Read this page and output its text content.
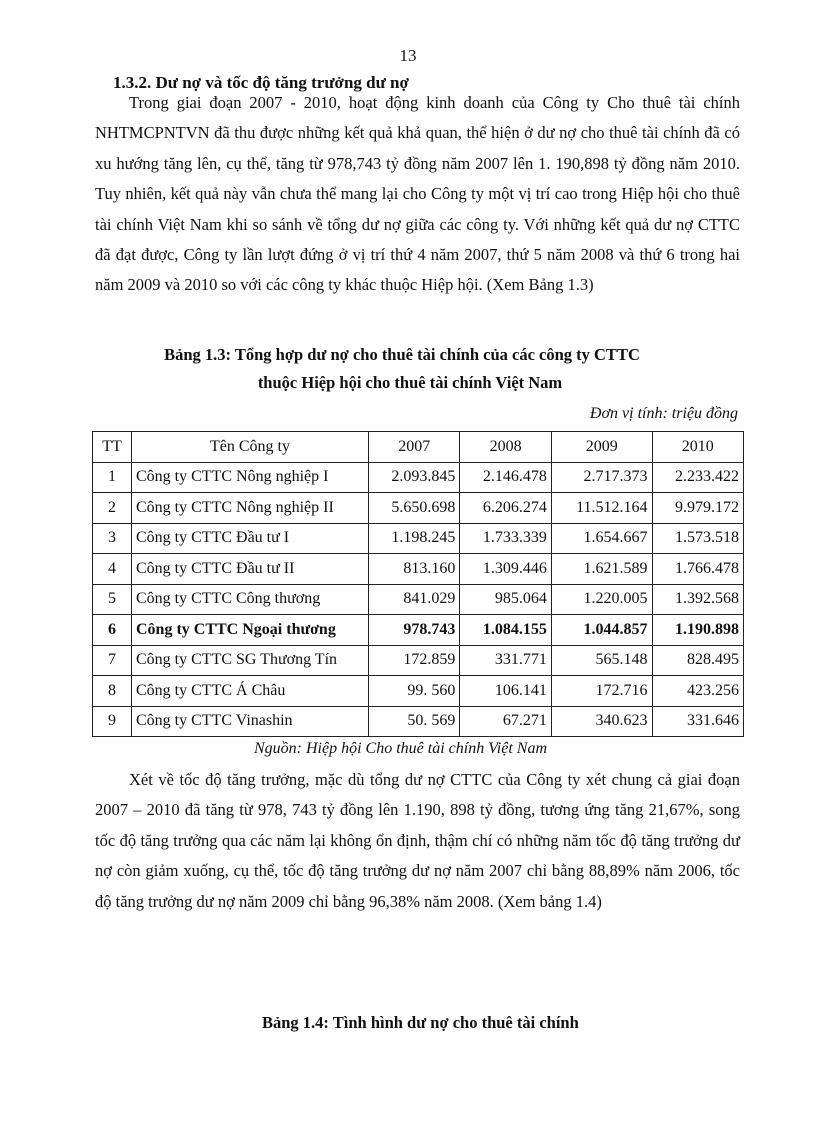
13
1.3.2. Dư nợ và tốc độ tăng trưởng dư nợ

Trong giai đoạn 2007 - 2010, hoạt động kinh doanh của Công ty Cho thuê tài chính NHTMCPNTVN đã thu được những kết quả khả quan, thể hiện ở dư nợ cho thuê tài chính đã có xu hướng tăng lên, cụ thể, tăng từ 978,743 tỷ đồng năm 2007 lên 1. 190,898 tỷ đồng năm 2010. Tuy nhiên, kết quả này vẫn chưa thể mang lại cho Công ty một vị trí cao trong Hiệp hội cho thuê tài chính Việt Nam khi so sánh về tổng dư nợ giữa các công ty. Với những kết quả dư nợ CTTC đã đạt được, Công ty lần lượt đứng ở vị trí thứ 4 năm 2007, thứ 5 năm 2008 và thứ 6 trong hai năm 2009 và 2010 so với các công ty khác thuộc Hiệp hội. (Xem Bảng 1.3)

Bảng 1.3: Tổng hợp dư nợ cho thuê tài chính của các công ty CTTC
thuộc Hiệp hội cho thuê tài chính Việt Nam
Đơn vị tính: triệu đồng
TT	Tên Công ty	2007	2008	2009	2010
1	Công ty CTTC Nông nghiệp I	2.093.845	2.146.478	2.717.373	2.233.422
2	Công ty CTTC Nông nghiệp II	5.650.698	6.206.274	11.512.164	9.979.172
3	Công ty CTTC Đầu tư I	1.198.245	1.733.339	1.654.667	1.573.518
4	Công ty CTTC Đầu tư II	813.160	1.309.446	1.621.589	1.766.478
5	Công ty CTTC Công thương	841.029	985.064	1.220.005	1.392.568
6	Công ty CTTC Ngoại thương	978.743	1.084.155	1.044.857	1.190.898
7	Công ty CTTC SG Thương Tín	172.859	331.771	565.148	828.495
8	Công ty CTTC Á Châu	99. 560	106.141	172.716	423.256
9	Công ty CTTC Vinashin	50. 569	67.271	340.623	331.646
Nguồn: Hiệp hội Cho thuê tài chính Việt Nam

Xét về tốc độ tăng trưởng, mặc dù tổng dư nợ CTTC của Công ty xét chung cả giai đoạn 2007 – 2010 đã tăng từ 978, 743 tỷ đồng lên 1.190, 898 tỷ đồng, tương ứng tăng 21,67%, song tốc độ tăng trưởng qua các năm lại không ổn định, thậm chí có những năm tốc độ tăng trưởng dư nợ còn giảm xuống, cụ thể, tốc độ tăng trưởng dư nợ năm 2007 chỉ bằng 88,89% năm 2006, tốc độ tăng trưởng dư nợ năm 2009 chỉ bằng 96,38% năm 2008. (Xem bảng 1.4)

Bảng 1.4: Tình hình dư nợ cho thuê tài chính
